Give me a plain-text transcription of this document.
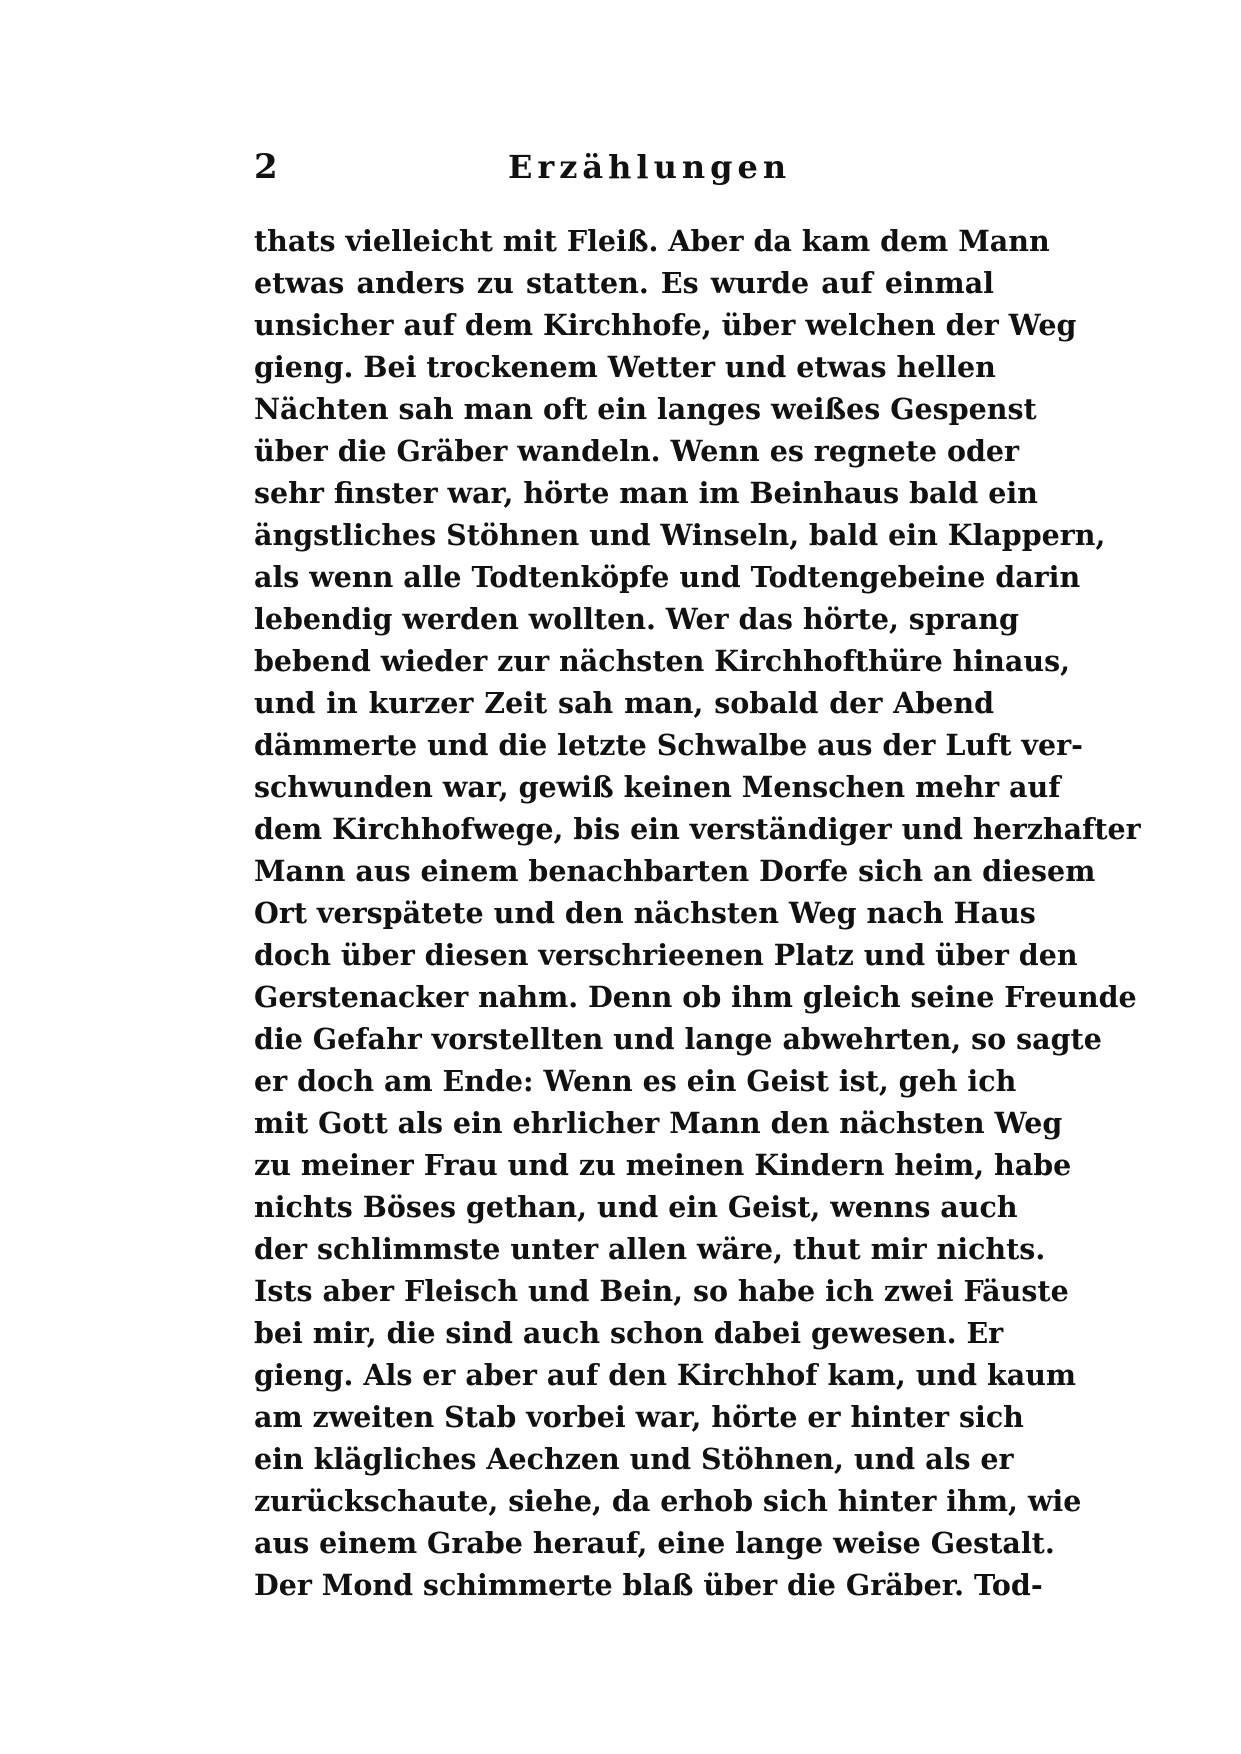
2	Erzählungen
thats vielleicht mit Fleiß. Aber da kam dem Mann
etwas anders zu statten. Es wurde auf einmal
unsicher auf dem Kirchhofe, über welchen der Weg
gieng. Bei trockenem Wetter und etwas hellen
Nächten sah man oft ein langes weißes Gespenst
über die Gräber wandeln. Wenn es regnete oder
sehr finster war, hörte man im Beinhaus bald ein
ängstliches Stöhnen und Winseln, bald ein Klappern,
als wenn alle Todtenköpfe und Todtengebeine darin
lebendig werden wollten. Wer das hörte, sprang
bebend wieder zur nächsten Kirchhofthüre hinaus,
und in kurzer Zeit sah man, sobald der Abend
dämmerte und die letzte Schwalbe aus der Luft ver-
schwunden war, gewiß keinen Menschen mehr auf
dem Kirchhofwege, bis ein verständiger und herzhafter
Mann aus einem benachbarten Dorfe sich an diesem
Ort verspätete und den nächsten Weg nach Haus
doch über diesen verschrieenen Platz und über den
Gerstenacker nahm. Denn ob ihm gleich seine Freunde
die Gefahr vorstellten und lange abwehrten, so sagte
er doch am Ende: Wenn es ein Geist ist, geh ich
mit Gott als ein ehrlicher Mann den nächsten Weg
zu meiner Frau und zu meinen Kindern heim, habe
nichts Böses gethan, und ein Geist, wenns auch
der schlimmste unter allen wäre, thut mir nichts.
Ists aber Fleisch und Bein, so habe ich zwei Fäuste
bei mir, die sind auch schon dabei gewesen. Er
gieng. Als er aber auf den Kirchhof kam, und kaum
am zweiten Stab vorbei war, hörte er hinter sich
ein klägliches Aechzen und Stöhnen, und als er
zurückschaute, siehe, da erhob sich hinter ihm, wie
aus einem Grabe herauf, eine lange weise Gestalt.
Der Mond schimmerte blaß über die Gräber. Tod-
